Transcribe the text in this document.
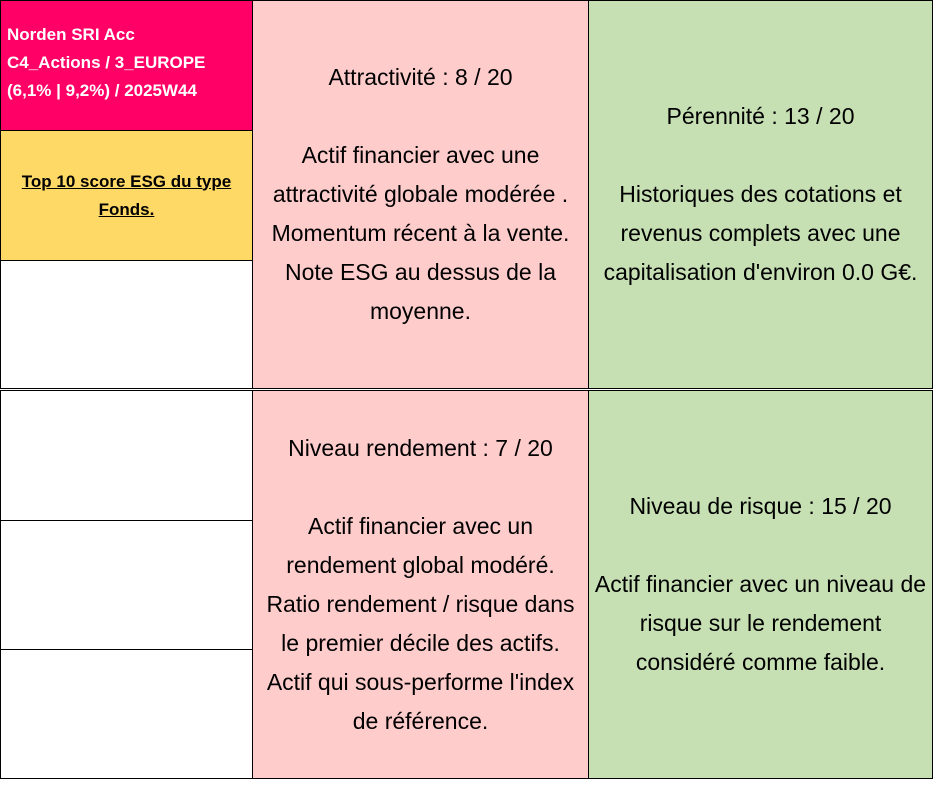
Norden SRI Acc
C4_Actions / 3_EUROPE
(6,1% | 9,2%) / 2025W44
Top 10 score ESG du type Fonds.
Attractivité : 8 / 20
Actif financier avec une
attractivité globale modérée .
Momentum récent à la vente.
Note ESG au dessus de la
moyenne.
Niveau rendement : 7 / 20
Actif financier avec un
rendement global modéré.
Ratio rendement / risque dans
le premier décile des actifs.
Actif qui sous-performe l'index
de référence.
Pérennité : 13 / 20
Historiques des cotations et
revenus complets avec une
capitalisation d'environ 0.0 G€.
Niveau de risque : 15 / 20
Actif financier avec un niveau de
risque sur le rendement
considéré comme faible.
